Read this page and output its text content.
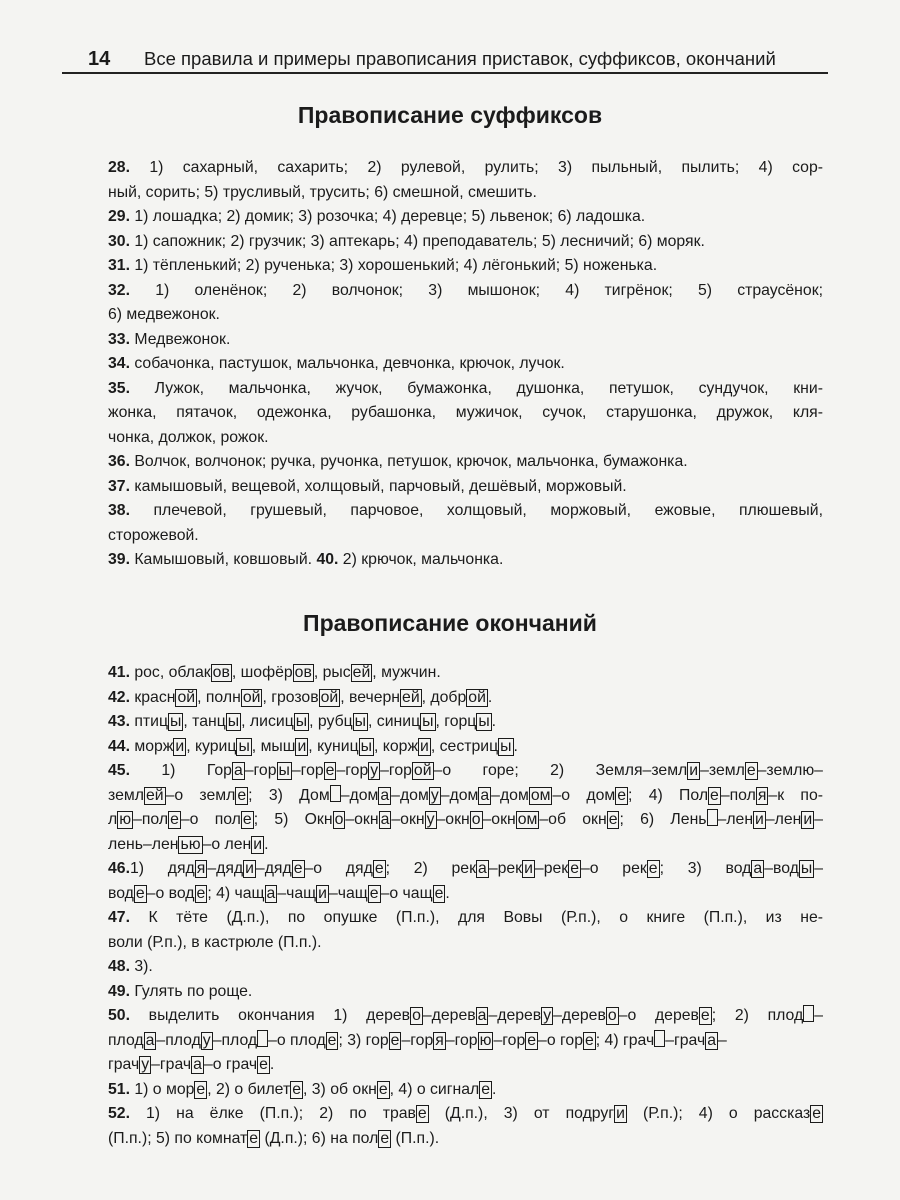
14 Все правила и примеры правописания приставок, суффиксов, окончаний
Правописание суффиксов
28. 1) сахарный, сахарить; 2) рулевой, рулить; 3) пыльный, пылить; 4) сор-
ный, сорить; 5) трусливый, трусить; 6) смешной, смешить.
29. 1) лошадка; 2) домик; 3) розочка; 4) деревце; 5) львенок; 6) ладошка.
30. 1) сапожник; 2) грузчик; 3) аптекарь; 4) преподаватель; 5) лесничий; 6) моряк.
31. 1) тёпленький; 2) рученька; 3) хорошенький; 4) лёгонький; 5) ноженька.
32. 1) оленёнок; 2) волчонок; 3) мышонок; 4) тигрёнок; 5) страусёнок;
6) медвежонок.
33. Медвежонок.
34. собачонка, пастушок, мальчонка, девчонка, крючок, лучок.
35. Лужок, мальчонка, жучок, бумажонка, душонка, петушок, сундучок, кни-
жонка, пятачок, одежонка, рубашонка, мужичок, сучок, старушонка, дружок, кля-
чонка, должок, рожок.
36. Волчок, волчонок; ручка, ручонка, петушок, крючок, мальчонка, бумажонка.
37. камышовый, вещевой, холщовый, парчовый, дешёвый, моржовый.
38. плечевой, грушевый, парчовое, холщовый, моржовый, ежовые, плюшевый,
сторожевой.
39. Камышовый, ковшовый. 40. 2) крючок, мальчонка.
Правописание окончаний
41. рос, облак ов , шофёр ов , рыс ей , мужчин.
42. красн ой , полн ой , грозов ой , вечерн ей , добр ой .
43. птиц ы , танц ы , лисиц ы , рубц ы , синиц ы , горц ы .
44. морж и , куриц ы , мыш и , куниц ы , корж и , сестриц ы .
45. 1) Гор а –гор ы –гор е –гор у –гор ой –о горе; 2) Земля–земл и –земл е –землю–
земл ей –о земл е ; 3) Дом –дом а –дом у –дом а –дом ом –о дом е ; 4) Пол е –пол я –к по-
л ю –пол е –о пол е ; 5) Окн о –окн а –окн у –окн о –окн ом –об окн е ; 6) Лень –лен и –лен и –
лень–лен ью –о лен и .
46.1) дяд я –дяд и –дяд е –о дяд е ; 2) рек а –рек и –рек е –о рек е ; 3) вод а –вод ы –
вод е –о вод е ; 4) чащ а –чащ и –чащ е –о чащ е .
47. К тёте (Д.п.), по опушке (П.п.), для Вовы (Р.п.), о книге (П.п.), из не-
воли (Р.п.), в кастрюле (П.п.).
48. 3).
49. Гулять по роще.
50. выделить окончания 1) дерев о –дерев а –дерев у –дерев о –о дерев е ; 2) плод –
плод а –плод у –плод –о плод е ; 3) гор е –гор я –гор ю –гор е –о гор е ; 4) грач –грач а –
грач у –грач а –о грач е .
51. 1) о мор е , 2) о билет е , 3) об окн е , 4) о сигнал е .
52. 1) на ёлке (П.п.); 2) по трав е (Д.п.), 3) от подруг и (Р.п.); 4) о рассказ е
(П.п.); 5) по комнат е (Д.п.); 6) на пол е (П.п.).
